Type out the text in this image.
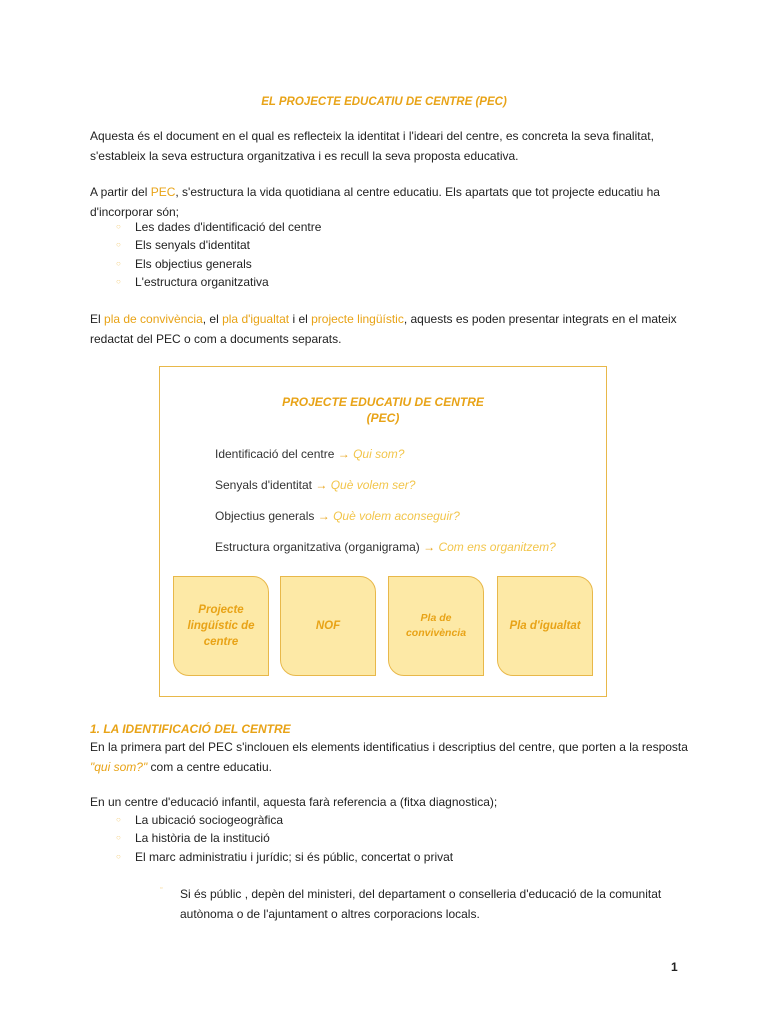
EL PROJECTE EDUCATIU DE CENTRE (PEC)
Aquesta és el document en el qual es reflecteix la identitat i l'ideari del centre, es concreta la seva finalitat, s'estableix la seva estructura organitzativa i es recull la seva proposta educativa.
A partir del PEC, s'estructura la vida quotidiana al centre educatiu. Els apartats que tot projecte educatiu ha d'incorporar són;
○ Les dades d'identificació del centre
○ Els senyals d'identitat
○ Els objectius generals
○ L'estructura organitzativa
El pla de convivència, el pla d'igualtat i el projecte lingüístic, aquests es poden presentar integrats en el mateix redactat del PEC o com a documents separats.
PROJECTE EDUCATIU DE CENTRE
(PEC)
Identificació del centre → Qui som?
Senyals d'identitat → Què volem ser?
Objectius generals → Què volem aconseguir?
Estructura organitzativa (organigrama) → Com ens organitzem?
Projecte
lingüístic de
centre
NOF
Pla de
convivència
Pla d'igualtat
1. LA IDENTIFICACIÓ DEL CENTRE
En la primera part del PEC s'inclouen els elements identificatius i descriptius del centre, que porten a la resposta "qui som?" com a centre educatiu.
En un centre d'educació infantil, aquesta farà referencia a (fitxa diagnostica);
○ La ubicació sociogeogràfica
○ La història de la institució
○ El marc administratiu i jurídic; si és públic, concertat o privat
▫ Si és públic , depèn del ministeri, del departament o conselleria d'educació de la comunitat autònoma o de l'ajuntament o altres corporacions locals.
1
